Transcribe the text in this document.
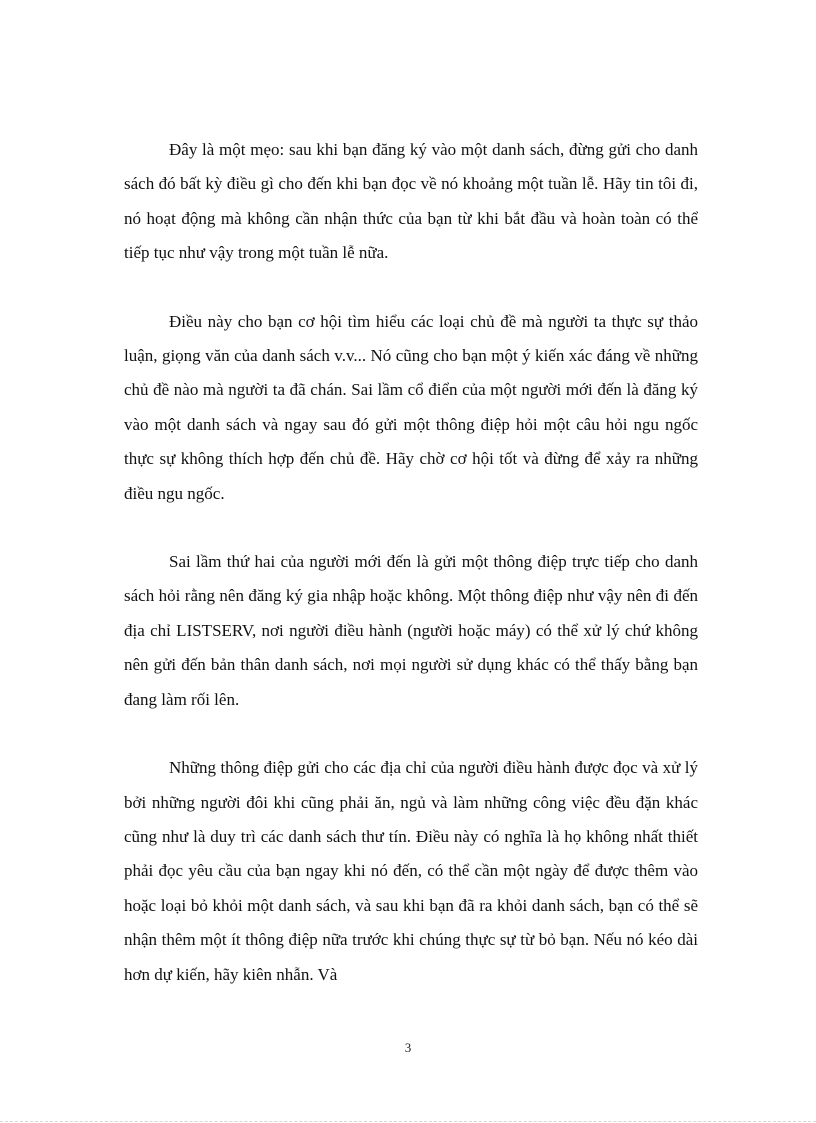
Đây là một mẹo: sau khi bạn đăng ký vào một danh sách, đừng gửi cho danh sách đó bất kỳ điều gì cho đến khi bạn đọc về nó khoảng một tuần lễ. Hãy tin tôi đi, nó hoạt động mà không cần nhận thức của bạn từ khi bắt đầu và hoàn toàn có thể tiếp tục như vậy trong một tuần lễ nữa.

Điều này cho bạn cơ hội tìm hiểu các loại chủ đề mà người ta thực sự thảo luận, giọng văn của danh sách v.v... Nó cũng cho bạn một ý kiến xác đáng về những chủ đề nào mà người ta đã chán. Sai lầm cổ điển của một người mới đến là đăng ký vào một danh sách và ngay sau đó gửi một thông điệp hỏi một câu hỏi ngu ngốc thực sự không thích hợp đến chủ đề. Hãy chờ cơ hội tốt và đừng để xảy ra những điều ngu ngốc.

Sai lầm thứ hai của người mới đến là gửi một thông điệp trực tiếp cho danh sách hỏi rằng nên đăng ký gia nhập hoặc không. Một thông điệp như vậy nên đi đến địa chỉ LISTSERV, nơi người điều hành (người hoặc máy) có thể xử lý chứ không nên gửi đến bản thân danh sách, nơi mọi người sử dụng khác có thể thấy bằng bạn đang làm rối lên.

Những thông điệp gửi cho các địa chỉ của người điều hành được đọc và xử lý bởi những người đôi khi cũng phải ăn, ngủ và làm những công việc đều đặn khác cũng như là duy trì các danh sách thư tín. Điều này có nghĩa là họ không nhất thiết phải đọc yêu cầu của bạn ngay khi nó đến, có thể cần một ngày để được thêm vào hoặc loại bỏ khỏi một danh sách, và sau khi bạn đã ra khỏi danh sách, bạn có thể sẽ nhận thêm một ít thông điệp nữa trước khi chúng thực sự từ bỏ bạn. Nếu nó kéo dài hơn dự kiến, hãy kiên nhẫn. Và

3
